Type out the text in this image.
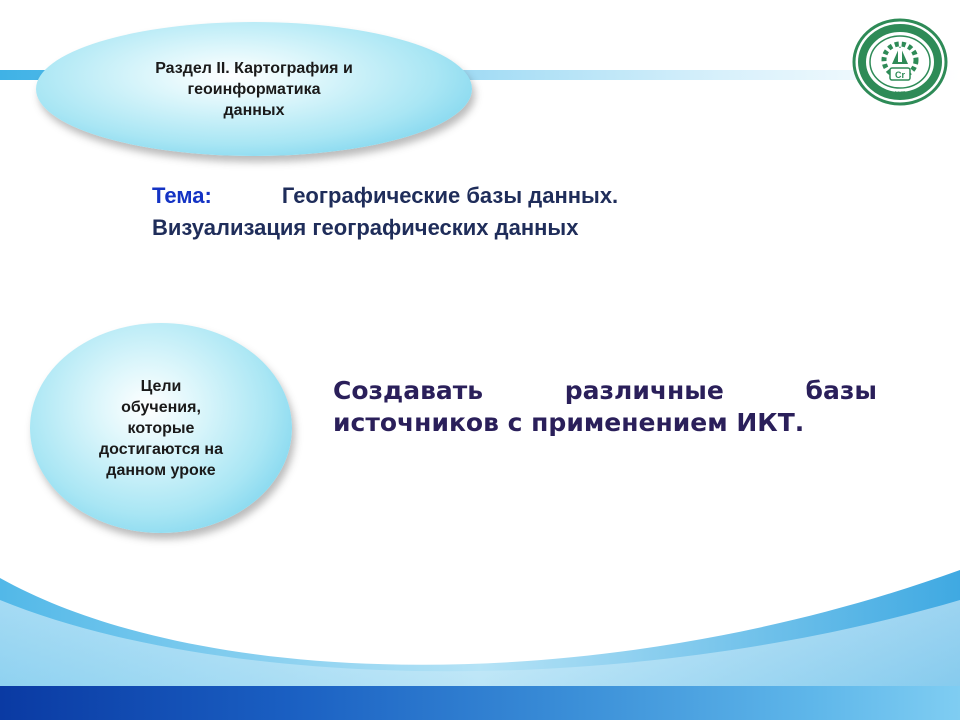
Раздел II. Картография и
геоинформатика
данных
Тема:	Географические базы данных.
Визуализация географических данных
Цели
обучения,
которые
достигаются на
данном уроке
Создавать различные базы источников с применением ИКТ.
Cr
1979
